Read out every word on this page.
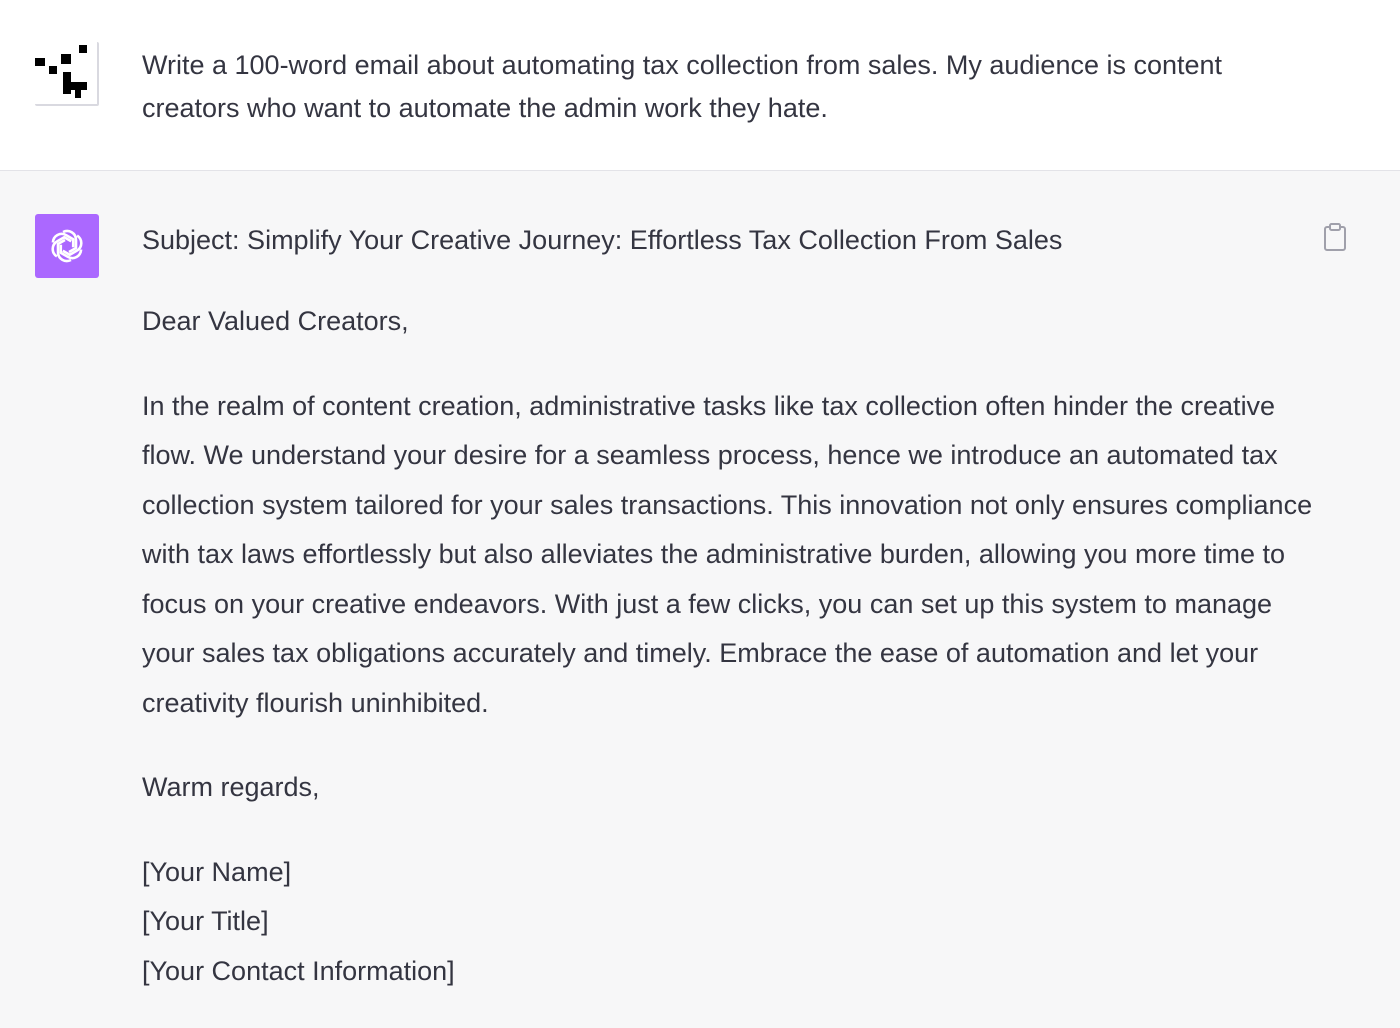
Write a 100-word email about automating tax collection from sales. My audience is content creators who want to automate the admin work they hate.

Subject: Simplify Your Creative Journey: Effortless Tax Collection From Sales

Dear Valued Creators,

In the realm of content creation, administrative tasks like tax collection often hinder the creative flow. We understand your desire for a seamless process, hence we introduce an automated tax collection system tailored for your sales transactions. This innovation not only ensures compliance with tax laws effortlessly but also alleviates the administrative burden, allowing you more time to focus on your creative endeavors. With just a few clicks, you can set up this system to manage your sales tax obligations accurately and timely. Embrace the ease of automation and let your creativity flourish uninhibited.

Warm regards,

[Your Name]

[Your Title]

[Your Contact Information]
